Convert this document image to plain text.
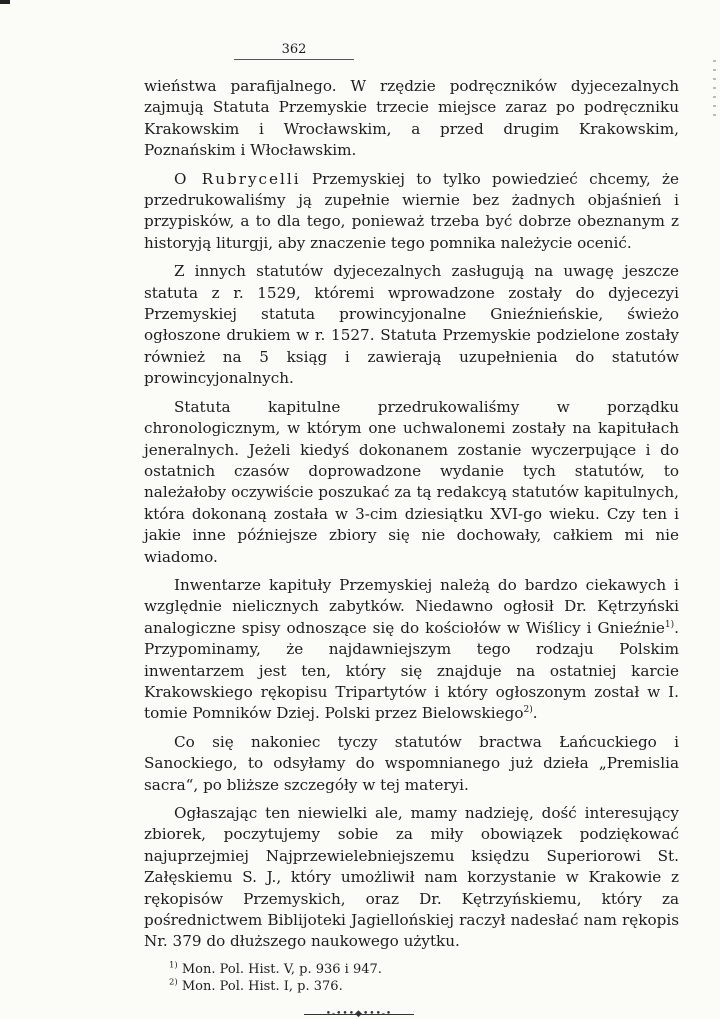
362

wieństwa parafijalnego. W rzędzie podręczników dyjecezalnych zajmują Statuta Przemyskie trzecie miejsce zaraz po podręczniku Krakowskim i Wrocławskim, a przed drugim Krakowskim, Poznańskim i Włocławskim.

O Rubrycelli Przemyskiej to tylko powiedzieć chcemy, że przedrukowaliśmy ją zupełnie wiernie bez żadnych objaśnień i przypisków, a to dla tego, ponieważ trzeba być dobrze obeznanym z historyją liturgji, aby znaczenie tego pomnika należycie ocenić.

Z innych statutów dyjecezalnych zasługują na uwagę jeszcze statuta z r. 1529, któremi wprowadzone zostały do dyjecezyi Przemyskiej statuta prowincyjonalne Gnieźnieńskie, świeżo ogłoszone drukiem w r. 1527. Statuta Przemyskie podzielone zostały również na 5 ksiąg i zawierają uzupełnienia do statutów prowincyjonalnych.

Statuta kapitulne przedrukowaliśmy w porządku chronologicznym, w którym one uchwalonemi zostały na kapitułach jeneralnych. Jeżeli kiedyś dokonanem zostanie wyczerpujące i do ostatnich czasów doprowadzone wydanie tych statutów, to należałoby oczywiście poszukać za tą redakcyą statutów kapitulnych, która dokonaną została w 3-cim dziesiątku XVI-go wieku. Czy ten i jakie inne późniejsze zbiory się nie dochowały, całkiem mi nie wiadomo.

Inwentarze kapituły Przemyskiej należą do bardzo ciekawych i względnie nielicznych zabytków. Niedawno ogłosił Dr. Kętrzyński analogiczne spisy odnoszące się do kościołów w Wiślicy i Gnieźnie$^{1)}$. Przypominamy, że najdawniejszym tego rodzaju Polskim inwentarzem jest ten, który się znajduje na ostatniej karcie Krakowskiego rękopisu Tripartytów i który ogłoszonym został w I. tomie Pomników Dziej. Polski przez Bielowskiego$^{2)}$.

Co się nakoniec tyczy statutów bractwa Łańcuckiego i Sanockiego, to odsyłamy do wspomnianego już dzieła „Premislia sacra“, po bliższe szczegóły w tej materyi.

Ogłaszając ten niewielki ale, mamy nadzieję, dość interesujący zbiorek, poczytujemy sobie za miły obowiązek podziękować najuprzejmiej Najprzewielebniejszemu księdzu Superiorowi St. Załęskiemu S. J., który umożliwił nam korzystanie w Krakowie z rękopisów Przemyskich, oraz Dr. Kętrzyńskiemu, który za pośrednictwem Biblijoteki Jagiellońskiej raczył nadesłać nam rękopis Nr. 379 do dłuższego naukowego użytku.

$^{1)}$ Mon. Pol. Hist. V, p. 936 i 947.
$^{2)}$ Mon. Pol. Hist. I, p. 376.
•-•••◆•••-•
